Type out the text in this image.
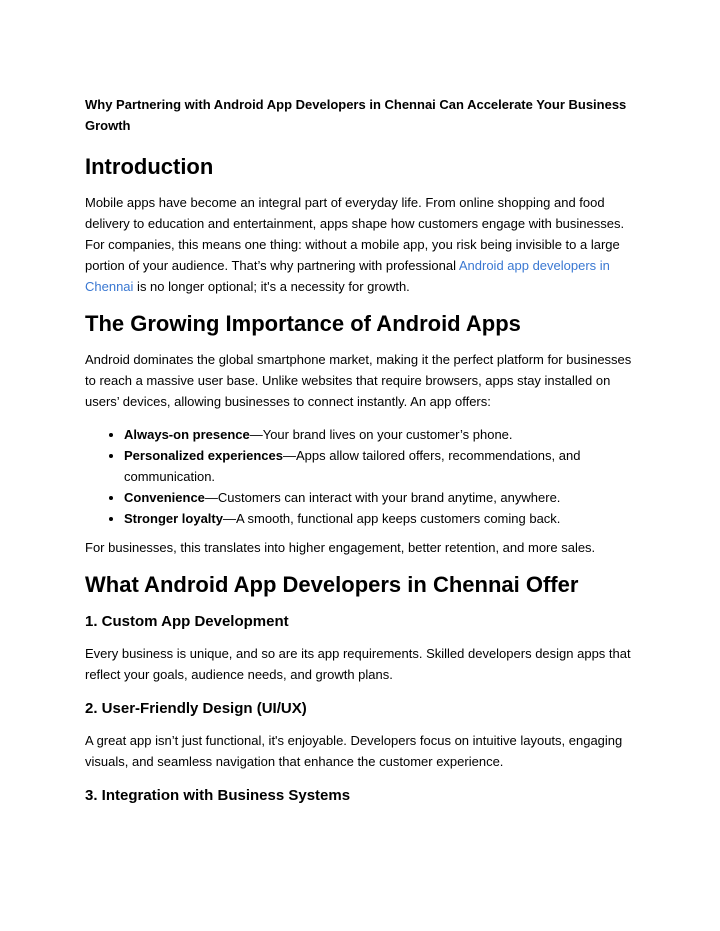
Why Partnering with Android App Developers in Chennai Can Accelerate Your Business Growth

Introduction

Mobile apps have become an integral part of everyday life. From online shopping and food delivery to education and entertainment, apps shape how customers engage with businesses. For companies, this means one thing: without a mobile app, you risk being invisible to a large portion of your audience. That’s why partnering with professional Android app developers in Chennai is no longer optional; it's a necessity for growth.

The Growing Importance of Android Apps

Android dominates the global smartphone market, making it the perfect platform for businesses to reach a massive user base. Unlike websites that require browsers, apps stay installed on users’ devices, allowing businesses to connect instantly. An app offers:

• Always-on presence—Your brand lives on your customer’s phone.
• Personalized experiences—Apps allow tailored offers, recommendations, and communication.
• Convenience—Customers can interact with your brand anytime, anywhere.
• Stronger loyalty—A smooth, functional app keeps customers coming back.

For businesses, this translates into higher engagement, better retention, and more sales.

What Android App Developers in Chennai Offer
1. Custom App Development

Every business is unique, and so are its app requirements. Skilled developers design apps that reflect your goals, audience needs, and growth plans.

2. User-Friendly Design (UI/UX)

A great app isn’t just functional, it's enjoyable. Developers focus on intuitive layouts, engaging visuals, and seamless navigation that enhance the customer experience.

3. Integration with Business Systems
